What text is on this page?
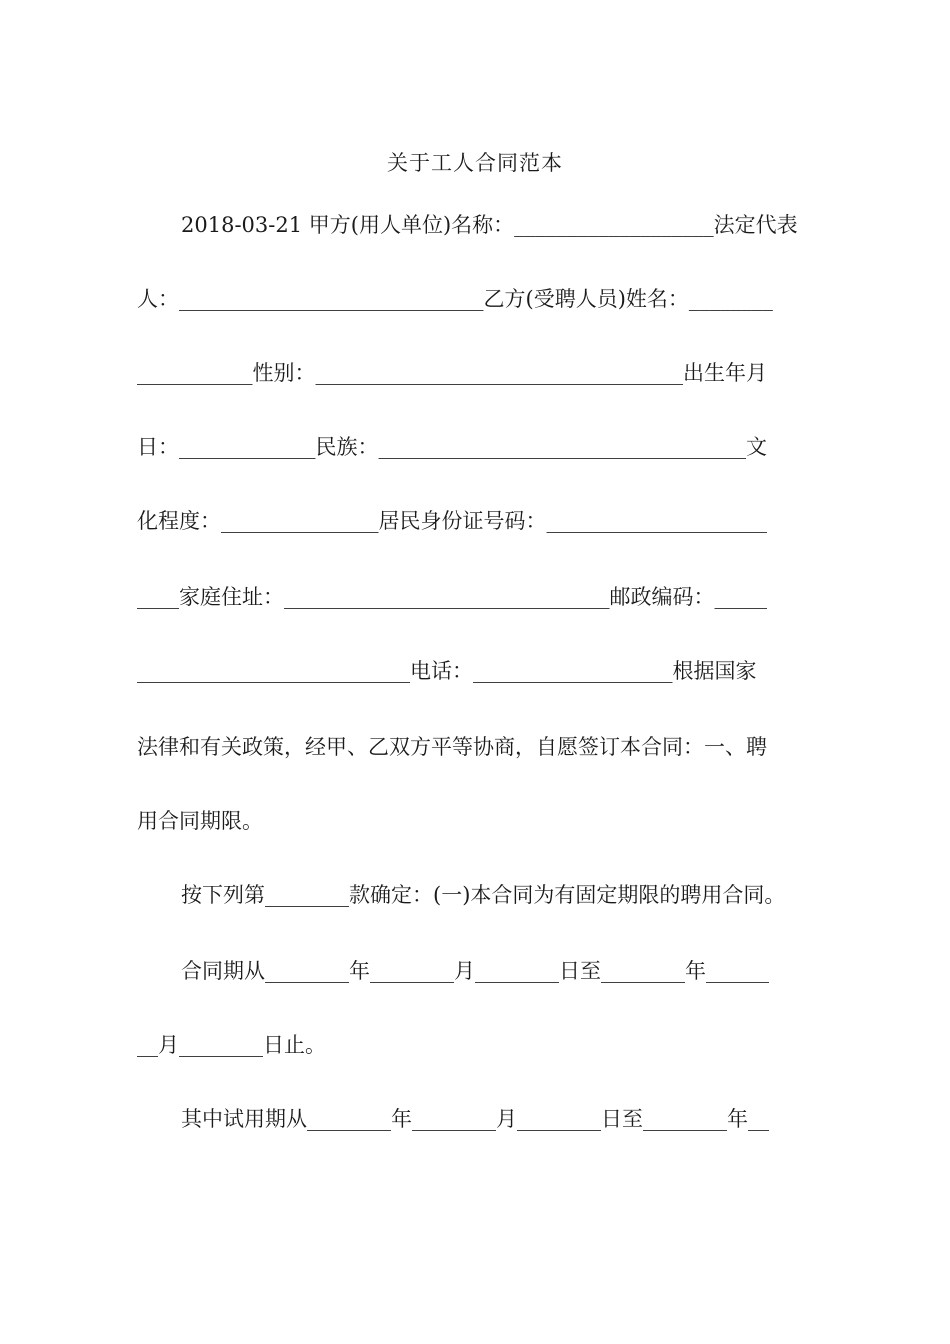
关于工人合同范本
2018-03-21 甲方(用人单位)名称：___________________法定代表
人：_____________________________乙方(受聘人员)姓名：________
___________性别：___________________________________出生年月
日：_____________民族：___________________________________文
化程度：_______________居民身份证号码：_____________________
____家庭住址：_______________________________邮政编码：_____
__________________________电话：___________________根据国家
法律和有关政策，经甲、乙双方平等协商，自愿签订本合同：一、聘
用合同期限。
按下列第________款确定：(一)本合同为有固定期限的聘用合同。
合同期从________年________月________日至________年______
__月________日止。
其中试用期从________年________月________日至________年__
